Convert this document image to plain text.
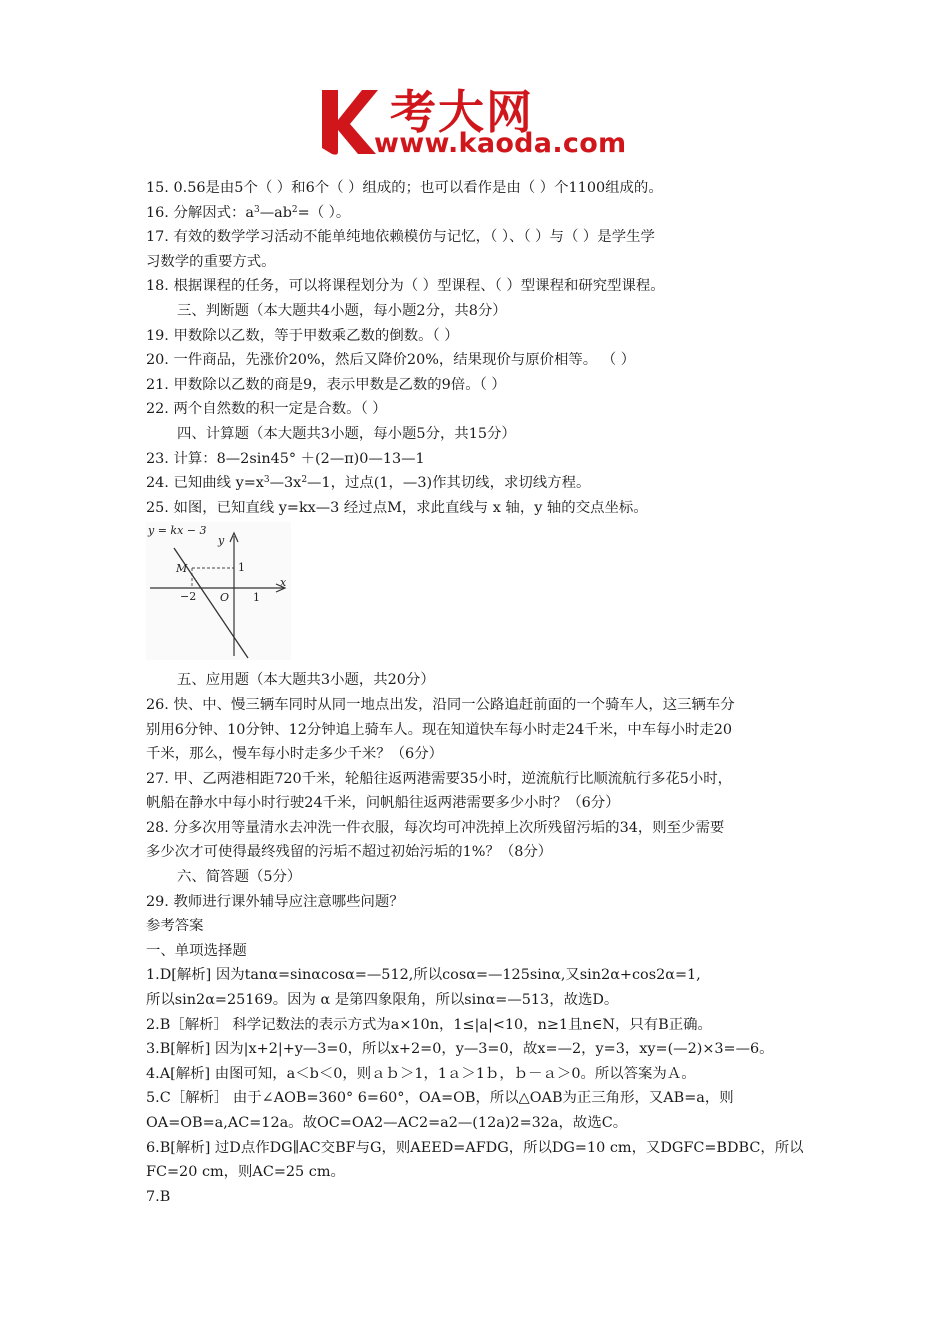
考大网
www.kaoda.com
15. 0.56是由5个（ ）和6个（ ）组成的；也可以看作是由（ ）个1100组成的。
16. 分解因式：$a^3—ab^2=$（ ）。
17. 有效的数学学习活动不能单纯地依赖模仿与记忆，（ ）、（ ）与（ ）是学生学
习数学的重要方式。
18. 根据课程的任务，可以将课程划分为（ ）型课程、（ ）型课程和研究型课程。
三、判断题（本大题共4小题，每小题2分，共8分）
19. 甲数除以乙数，等于甲数乘乙数的倒数。（ ）
20. 一件商品，先涨价20%，然后又降价20%，结果现价与原价相等。 （ ）
21. 甲数除以乙数的商是9，表示甲数是乙数的9倍。（ ）
22. 两个自然数的积一定是合数。（ ）
四、计算题（本大题共3小题，每小题5分，共15分）
23. 计算：8—2sin45° ＋(2—π)0—13—1
24. 已知曲线 $y=x^3—3x^2—1$，过点(1，—3)作其切线，求切线方程。
25. 如图，已知直线 y=kx—3 经过点M，求此直线与 x 轴，y 轴的交点坐标。
y = kx − 3
y
x
M	1
−2 O 1
五、应用题（本大题共3小题，共20分）
26. 快、中、慢三辆车同时从同一地点出发，沿同一公路追赶前面的一个骑车人，这三辆车分
别用6分钟、10分钟、12分钟追上骑车人。现在知道快车每小时走24千米，中车每小时走20
千米，那么，慢车每小时走多少千米？（6分）
27. 甲、乙两港相距720千米，轮船往返两港需要35小时，逆流航行比顺流航行多花5小时，
帆船在静水中每小时行驶24千米，问帆船往返两港需要多少小时？（6分）
28. 分多次用等量清水去冲洗一件衣服，每次均可冲洗掉上次所残留污垢的34，则至少需要
多少次才可使得最终残留的污垢不超过初始污垢的1%？（8分）
六、简答题（5分）
29. 教师进行课外辅导应注意哪些问题？
参考答案
一、单项选择题
1.D[解析] 因为tanα=sinαcosα=—512,所以cosα=—125sinα,又sin2α+cos2α=1,
所以sin2α=25169。因为 α 是第四象限角，所以sinα=—513，故选D。
2.B［解析］ 科学记数法的表示方式为a×10n，1≤|a|<10，n≥1且n∈N，只有B正确。
3.B[解析] 因为|x+2|+y—3=0，所以x+2=0，y—3=0，故x=—2，y=3，xy=(—2)×3=—6。
4.A[解析] 由图可知，a＜b＜0，则ａｂ＞1，1ａ＞1ｂ，ｂ－ａ＞0。所以答案为Ａ。
5.C［解析］ 由于∠AOB=360° 6=60°，OA=OB，所以△OAB为正三角形，又AB=a，则
OA=OB=a,AC=12a。故OC=OA2—AC2=a2—(12a)2=32a，故选C。
6.B[解析] 过D点作DG∥AC交BF与G，则AEED=AFDG，所以DG=10 cm，又DGFC=BDBC，所以
FC=20 cm，则AC=25 cm。
7.B
